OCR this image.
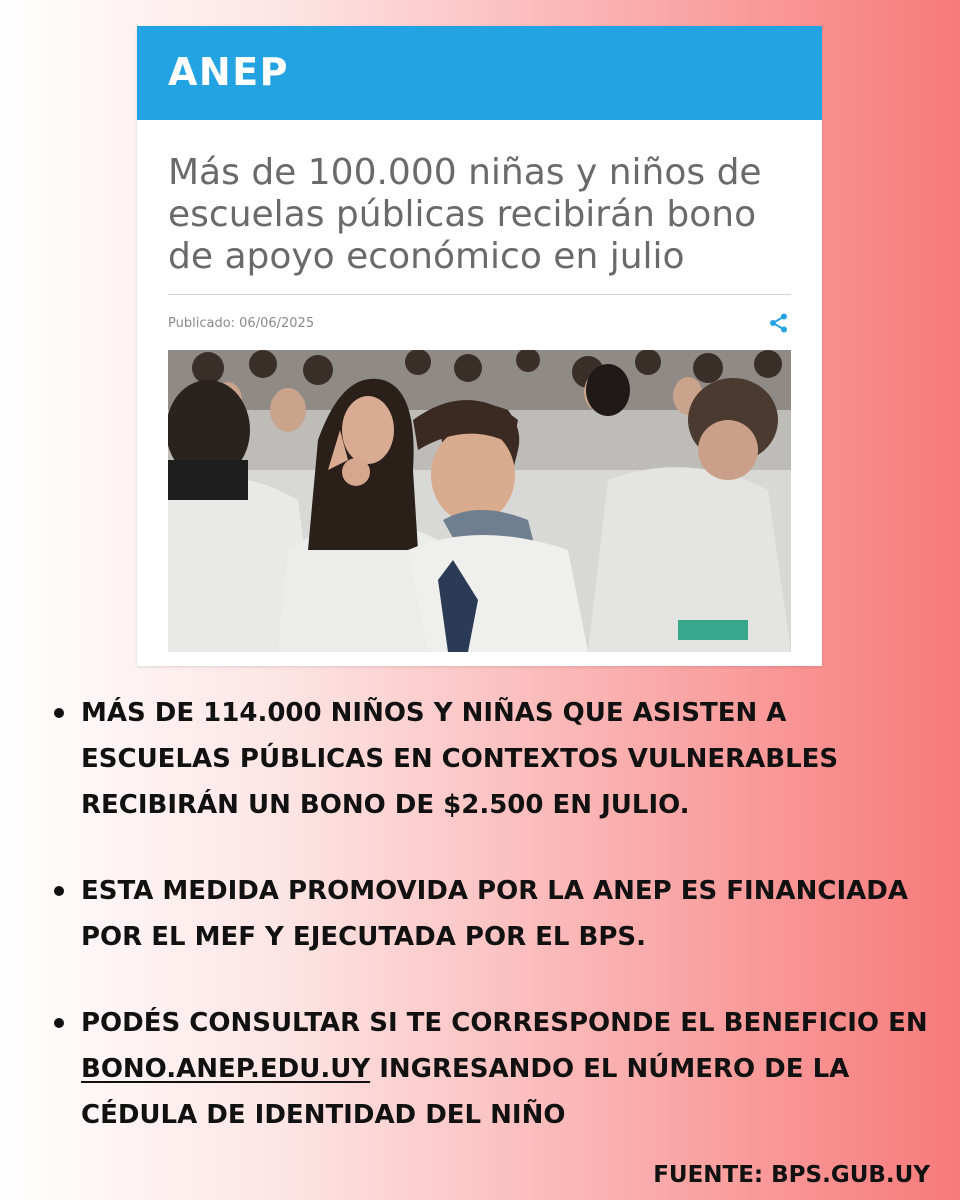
ANEP
Más de 100.000 niñas y niños de escuelas públicas recibirán bono de apoyo económico en julio
Publicado: 06/06/2025
MÁS DE 114.000 NIÑOS Y NIÑAS QUE ASISTEN A ESCUELAS PÚBLICAS EN CONTEXTOS VULNERABLES RECIBIRÁN UN BONO DE $2.500 EN JULIO.
ESTA MEDIDA PROMOVIDA POR LA ANEP ES FINANCIADA POR EL MEF Y EJECUTADA POR EL BPS.
PODÉS CONSULTAR SI TE CORRESPONDE EL BENEFICIO EN BONO.ANEP.EDU.UY INGRESANDO EL NÚMERO DE LA CÉDULA DE IDENTIDAD DEL NIÑO
FUENTE: BPS.GUB.UY
